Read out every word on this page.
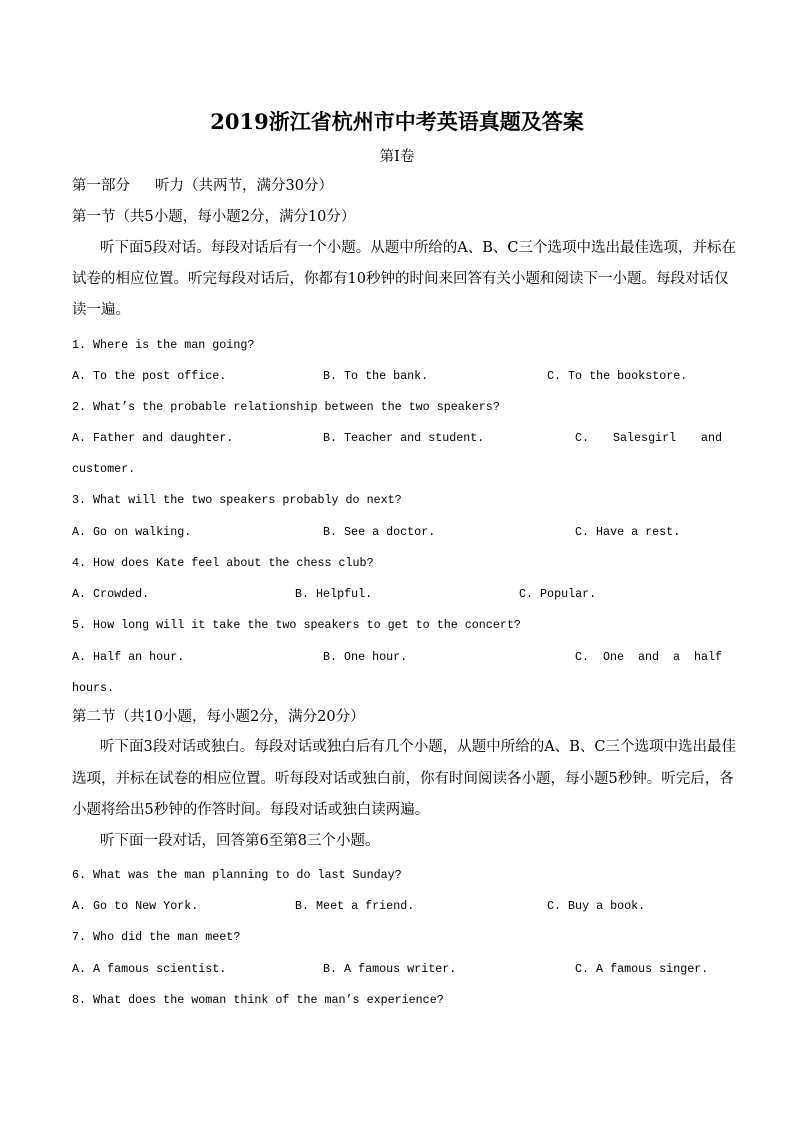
2019浙江省杭州市中考英语真题及答案
第Ⅰ卷
第一部分 听力（共两节，满分30分）
第一节（共5小题，每小题2分，满分10分）
听下面5段对话。每段对话后有一个小题。从题中所给的A、B、C三个选项中选出最佳选项，并标在
试卷的相应位置。听完每段对话后，你都有10秒钟的时间来回答有关小题和阅读下一小题。每段对话仅
读一遍。
1. Where is the man going?
A. To the post office.	B. To the bank.	C. To the bookstore.
2. What’s the probable relationship between the two speakers?
A. Father and daughter.	B. Teacher and student.	C. Salesgirl and
customer.
3. What will the two speakers probably do next?
A. Go on walking.	B. See a doctor.	C. Have a rest.
4. How does Kate feel about the chess club?
A. Crowded.	B. Helpful.	C. Popular.
5. How long will it take the two speakers to get to the concert?
A. Half an hour.	B. One hour.	C. One and a half
hours.
第二节（共10小题，每小题2分，满分20分）
听下面3段对话或独白。每段对话或独白后有几个小题，从题中所给的A、B、C三个选项中选出最佳
选项，并标在试卷的相应位置。听每段对话或独白前，你有时间阅读各小题，每小题5秒钟。听完后，各
小题将给出5秒钟的作答时间。每段对话或独白读两遍。
听下面一段对话，回答第6至第8三个小题。
6. What was the man planning to do last Sunday?
A. Go to New York.	B. Meet a friend.	C. Buy a book.
7. Who did the man meet?
A. A famous scientist.	B. A famous writer.	C. A famous singer.
8. What does the woman think of the man’s experience?
